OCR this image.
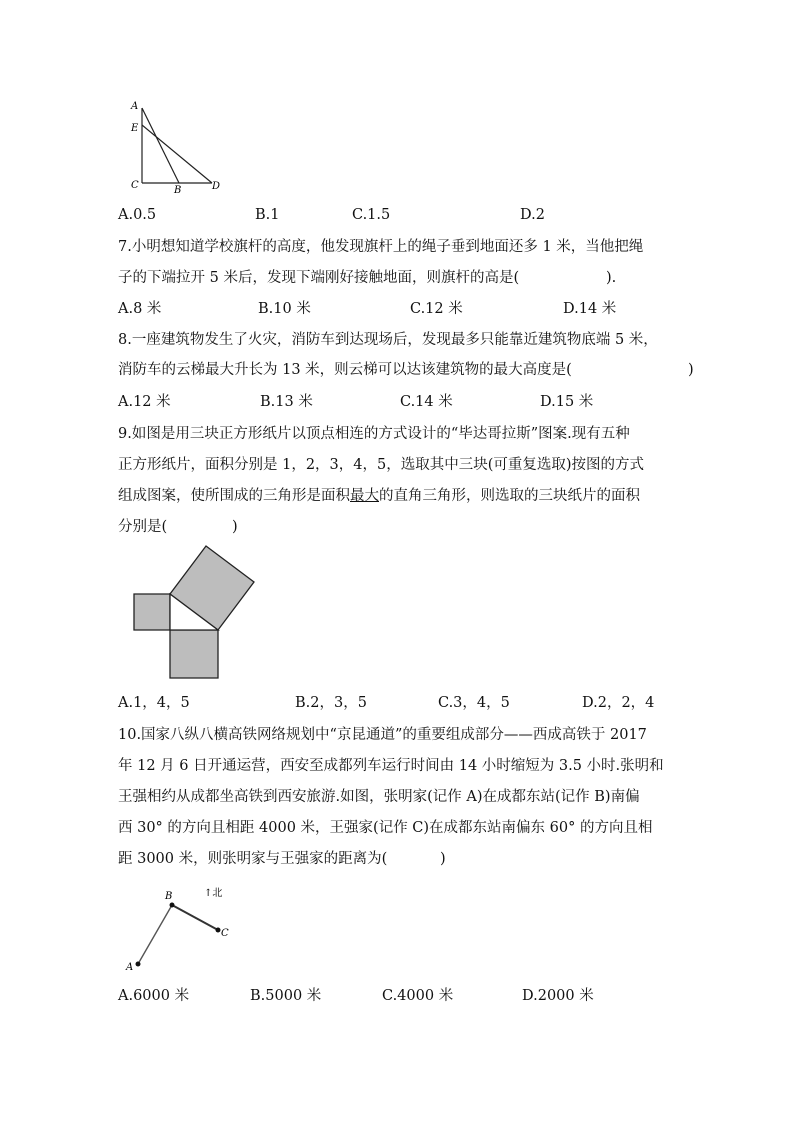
A
E
C	B	D
A.0.5	B.1	C.1.5	D.2
7.小明想知道学校旗杆的高度，他发现旗杆上的绳子垂到地面还多 1 米，当他把绳
子的下端拉开 5 米后，发现下端刚好接触地面，则旗杆的高是(	).
A.8 米	B.10 米	C.12 米	D.14 米
8.一座建筑物发生了火灾，消防车到达现场后，发现最多只能靠近建筑物底端 5 米，
消防车的云梯最大升长为 13 米，则云梯可以达该建筑物的最大高度是(	)
A.12 米	B.13 米	C.14 米	D.15 米
9.如图是用三块正方形纸片以顶点相连的方式设计的“毕达哥拉斯”图案.现有五种
正方形纸片，面积分别是 1，2，3，4，5，选取其中三块(可重复选取)按图的方式
组成图案，使所围成的三角形是面积最大的直角三角形，则选取的三块纸片的面积
分别是(	)
A.1，4，5	B.2，3，5	C.3，4，5	D.2，2，4
10.国家八纵八横高铁网络规划中“京昆通道”的重要组成部分——西成高铁于 2017
年 12 月 6 日开通运营，西安至成都列车运行时间由 14 小时缩短为 3.5 小时.张明和
王强相约从成都坐高铁到西安旅游.如图，张明家(记作 A)在成都东站(记作 B)南偏
西 30° 的方向且相距 4000 米，王强家(记作 C)在成都东站南偏东 60° 的方向且相
距 3000 米，则张明家与王强家的距离为(	)
A
B
C
↑北
A.6000 米	B.5000 米	C.4000 米	D.2000 米
